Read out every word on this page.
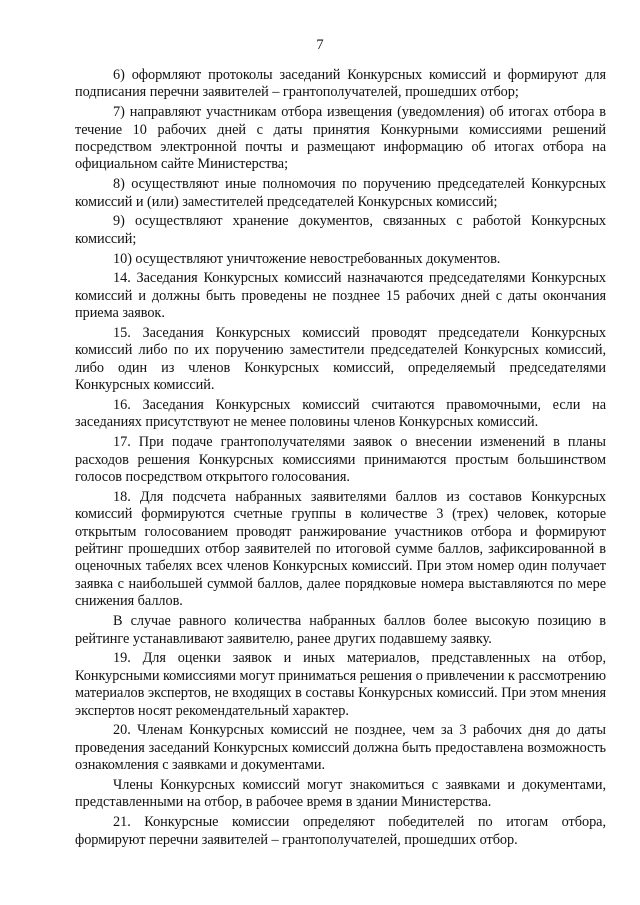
7

6) оформляют протоколы заседаний Конкурсных комиссий и формируют для подписания перечни заявителей – грантополучателей, прошедших отбор;

7) направляют участникам отбора извещения (уведомления) об итогах отбора в течение 10 рабочих дней с даты принятия Конкурными комиссиями решений посредством электронной почты и размещают информацию об итогах отбора на официальном сайте Министерства;

8) осуществляют иные полномочия по поручению председателей Конкурсных комиссий и (или) заместителей председателей Конкурсных комиссий;

9) осуществляют хранение документов, связанных с работой Конкурсных комиссий;

10) осуществляют уничтожение невостребованных документов.

14. Заседания Конкурсных комиссий назначаются председателями Конкурсных комиссий и должны быть проведены не позднее 15 рабочих дней с даты окончания приема заявок.

15. Заседания Конкурсных комиссий проводят председатели Конкурсных комиссий либо по их поручению заместители председателей Конкурсных комиссий, либо один из членов Конкурсных комиссий, определяемый председателями Конкурсных комиссий.

16. Заседания Конкурсных комиссий считаются правомочными, если на заседаниях присутствуют не менее половины членов Конкурсных комиссий.

17. При подаче грантополучателями заявок о внесении изменений в планы расходов решения Конкурсных комиссиями принимаются простым большинством голосов посредством открытого голосования.

18. Для подсчета набранных заявителями баллов из составов Конкурсных комиссий формируются счетные группы в количестве 3 (трех) человек, которые открытым голосованием проводят ранжирование участников отбора и формируют рейтинг прошедших отбор заявителей по итоговой сумме баллов, зафиксированной в оценочных табелях всех членов Конкурсных комиссий. При этом номер один получает заявка с наибольшей суммой баллов, далее порядковые номера выставляются по мере снижения баллов.

В случае равного количества набранных баллов более высокую позицию в рейтинге устанавливают заявителю, ранее других подавшему заявку.

19. Для оценки заявок и иных материалов, представленных на отбор, Конкурсными комиссиями могут приниматься решения о привлечении к рассмотрению материалов экспертов, не входящих в составы Конкурсных комиссий. При этом мнения экспертов носят рекомендательный характер.

20. Членам Конкурсных комиссий не позднее, чем за 3 рабочих дня до даты проведения заседаний Конкурсных комиссий должна быть предоставлена возможность ознакомления с заявками и документами.

Члены Конкурсных комиссий могут знакомиться с заявками и документами, представленными на отбор, в рабочее время в здании Министерства.

21. Конкурсные комиссии определяют победителей по итогам отбора, формируют перечни заявителей – грантополучателей, прошедших отбор.
